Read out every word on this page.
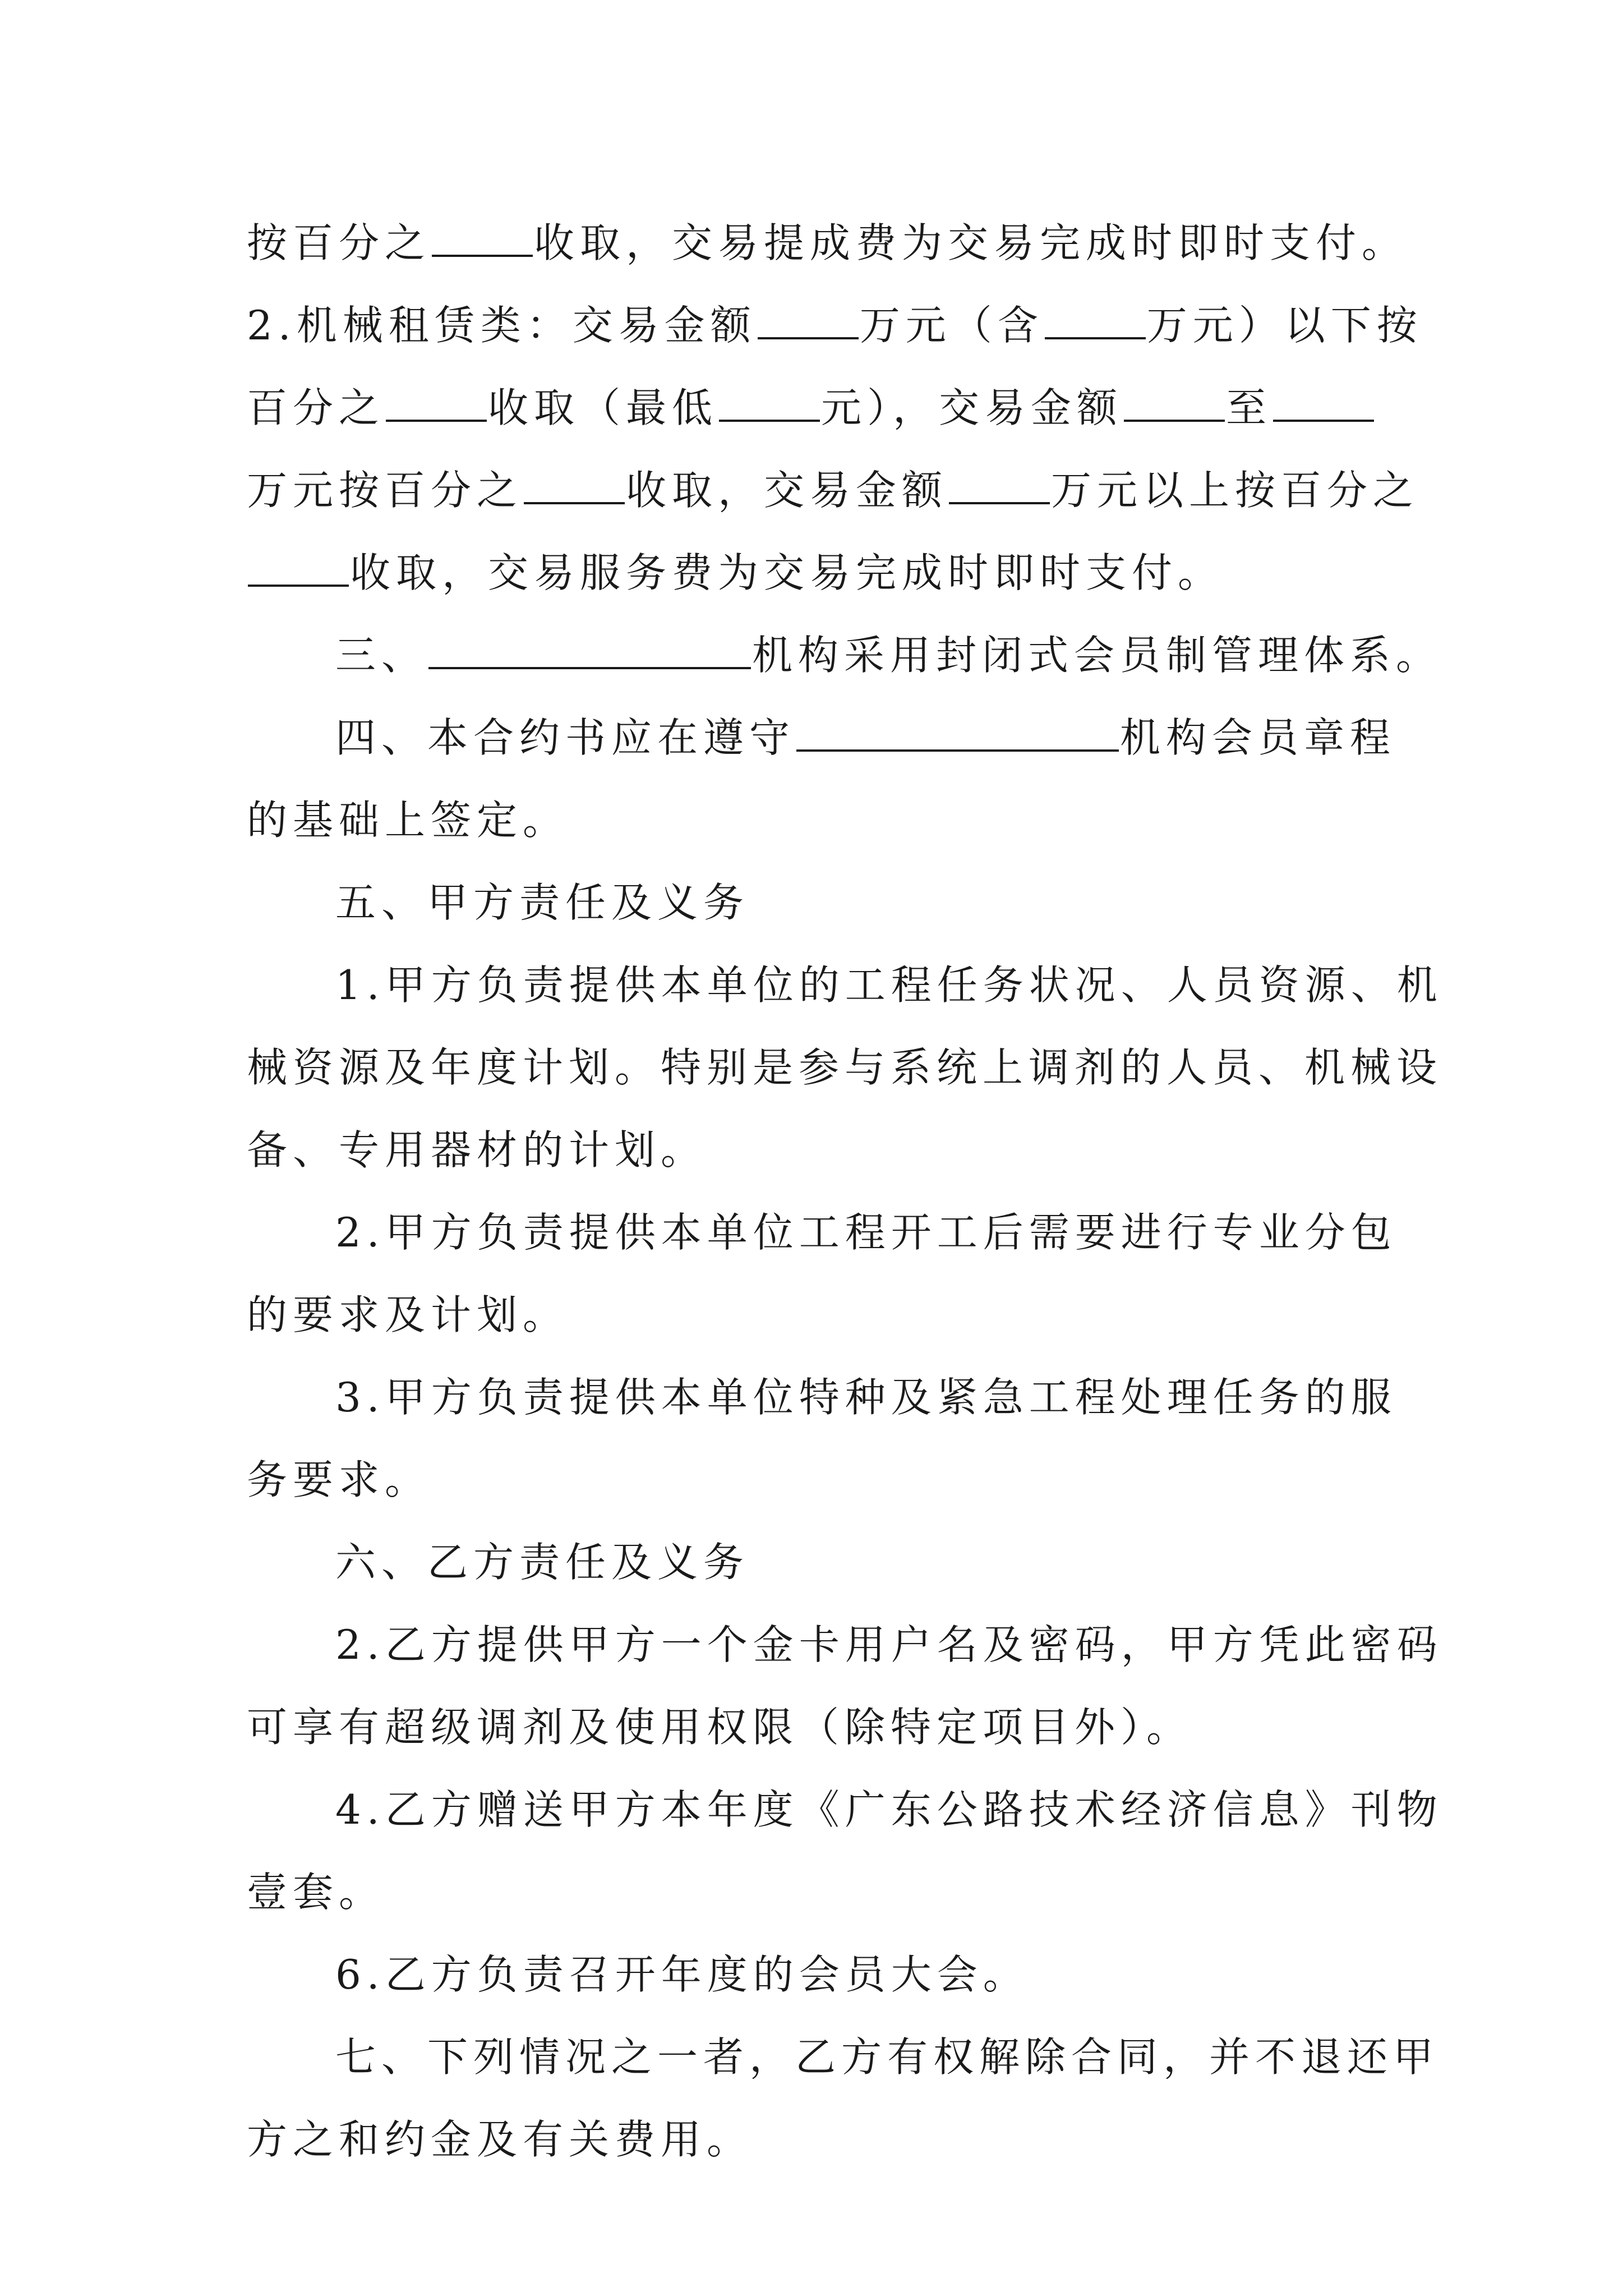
按百分之	收取，交易提成费为交易完成时即时支付。
2.机械租赁类：交易金额	万元（含	万元）以下按
百分之	收取（最低	元），交易金额	至
万元按百分之	收取，交易金额	万元以上按百分之
收取，交易服务费为交易完成时即时支付。
三、	机构采用封闭式会员制管理体系。
四、本合约书应在遵守	机构会员章程
的基础上签定。
五、甲方责任及义务
1.甲方负责提供本单位的工程任务状况、人员资源、机
械资源及年度计划。特别是参与系统上调剂的人员、机械设
备、专用器材的计划。
2.甲方负责提供本单位工程开工后需要进行专业分包
的要求及计划。
3.甲方负责提供本单位特种及紧急工程处理任务的服
务要求。
六、乙方责任及义务
2.乙方提供甲方一个金卡用户名及密码，甲方凭此密码
可享有超级调剂及使用权限（除特定项目外）。
4.乙方赠送甲方本年度《广东公路技术经济信息》刊物
壹套。
6.乙方负责召开年度的会员大会。
七、下列情况之一者，乙方有权解除合同，并不退还甲
方之和约金及有关费用。
